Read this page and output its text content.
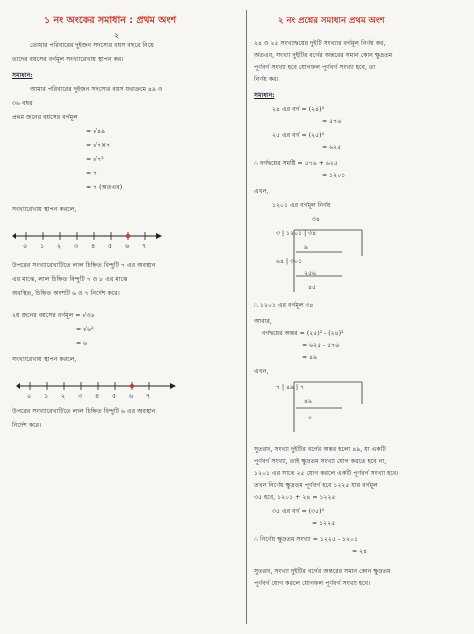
১ নং অংকের সমাধান : প্রথম অংশ
২
তোমার পরিবারের দুইজন সদস্যের বয়স বছরে নিয়ে
তাদের বয়সের বর্গমূল সংখ্যারেখায় স্থাপন কর।
সমাধান:
আমার পরিবারের দুইজন সদস্যের বয়স যথাক্রমে ৪৯ ও
৩৬ বছর
প্রথম জনের বয়সের বর্গমূল
= √৪৯
= √৭×৭
= √৭²
= ৭
= ৭ (অতএব)
সংখ্যারেখায় স্থাপন করলে,
০ ১ ২ ৩ ৪ ৫ ৬ ৭
উপরের সংখ্যারেখাটিতে লাল চিহ্নিত বিন্দুটি ৭ এর অবস্থান
এর মাঝে, লাল চিহ্নিত বিন্দুটি ৭ ও ৮ এর মাঝে
অবস্থিত, চিহ্নিত অংশটি ৬ ও ৭ নির্দেশ করে।
২য় জনের বয়সের বর্গমূল = √৩৬
= √৬²
= ৬
সংখ্যারেখায় স্থাপন করলে,
০ ১ ২ ৩ ৪ ৫ ৬ ৭
উপরের সংখ্যারেখাটিতে লাল চিহ্নিত বিন্দুটি ৬ এর অবস্থান
নির্দেশ করে।
২ নং প্রশ্নের সমাধান প্রথম অংশ
২৪ ও ২৫ সংখ্যাদ্বয়ের দুইটি সংখ্যার বর্গমূল নির্ণয় কর,
অতএব, সংখ্যা দুইটির বর্গের অন্তরের সমান কোন ক্ষুদ্রতম
পূর্ণবর্গ সংখ্যা হবে যোগফল পূর্ণবর্গ সংখ্যা হবে, তা
নির্ণয় কর।
সমাধান:
২৪ এর বর্গ = (২৪)²
= ৫৭৬
২৫ এর বর্গ = (২৫)²
= ৬২৫
∴ বর্গদ্বয়ের সমষ্টি = ৫৭৬ + ৬২৫
= ১২০১
এখন,
১২০১ এর বর্গমূল নির্ণয়
৩৪
৩ | ১২০১ | ৩৪
৯
৬৪ | ৩০১
২৫৬
৪৫
∴ ১২০১ এর বর্গমূল ৩৪
আবার,
বর্গদ্বয়ের অন্তর = (২৫)² - (২৪)²
= ৬২৫ - ৫৭৬
= ৪৯
এখন,
৭ | ৪৯ | ৭
৪৯
০
সুতরাং, সংখ্যা দুইটির বর্গের অন্তর হলো ৪৯, যা একটি
পূর্ণবর্গ সংখ্যা, তাই ক্ষুদ্রতম সংখ্যা যোগ করতে হবে না,
১২০১ এর সাথে ২৫ যোগ করলে একটি পূর্ণবর্গ সংখ্যা হবে।
তখন নির্ণেয় ক্ষুদ্রতম পূর্ণবর্গ হবে ১২২৫ যার বর্গমূল
৩৫ হবে, ১২০১ + ২৪ = ১২২৫
৩৫ এর বর্গ = (৩৫)²
= ১২২৫
∴ নির্ণেয় ক্ষুদ্রতম সংখ্যা = ১২২৫ - ১২০১
= ২৪
সুতরাং, সংখ্যা দুইটির বর্গের অন্তরের সমান কোন ক্ষুদ্রতম
পূর্ণবর্গ যোগ করলে যোগফল পূর্ণবর্গ সংখ্যা হবে।
